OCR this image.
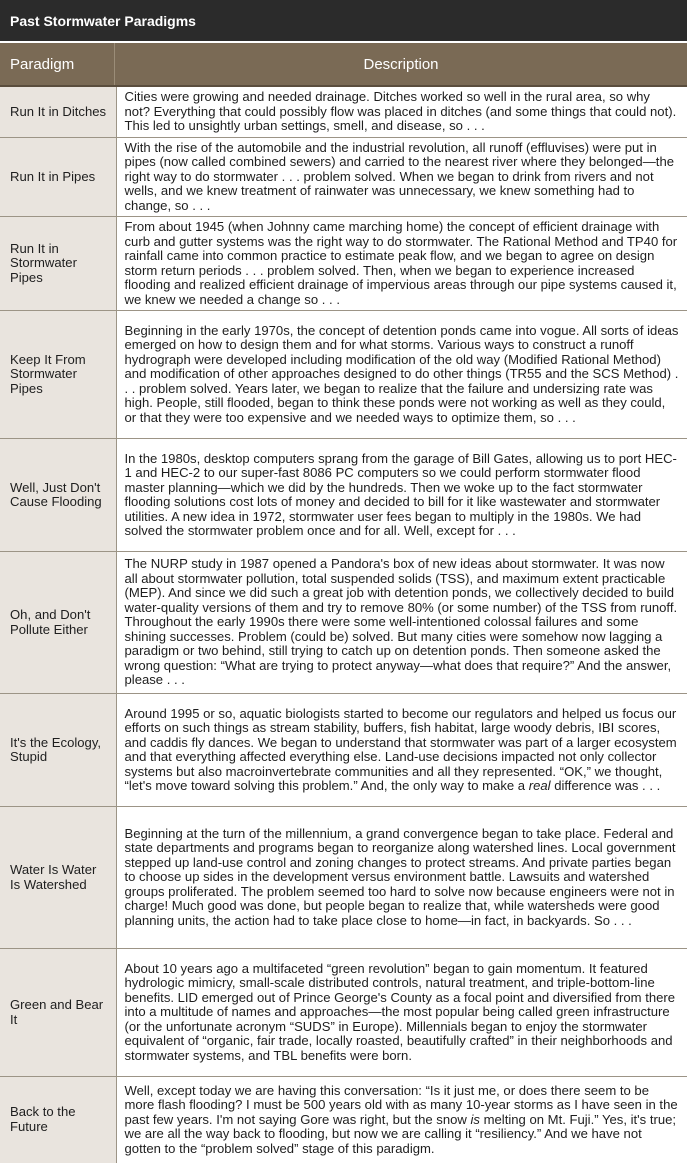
Past Stormwater Paradigms
Paradigm	Description
Run It in Ditches	Cities were growing and needed drainage. Ditches worked so well in the rural area, so why not? Everything that could possibly flow was placed in ditches (and some things that could not). This led to unsightly urban settings, smell, and disease, so . . .
Run It in Pipes	With the rise of the automobile and the industrial revolution, all runoff (effluvises) were put in pipes (now called combined sewers) and carried to the nearest river where they belonged—the right way to do stormwater . . . problem solved. When we began to drink from rivers and not wells, and we knew treatment of rainwater was unnecessary, we knew something had to change, so . . .
Run It in Stormwater Pipes	From about 1945 (when Johnny came marching home) the concept of efficient drainage with curb and gutter systems was the right way to do stormwater. The Rational Method and TP40 for rainfall came into common practice to estimate peak flow, and we began to agree on design storm return periods . . . problem solved. Then, when we began to experience increased flooding and realized efficient drainage of impervious areas through our pipe systems caused it, we knew we needed a change so . . .
Keep It From Stormwater Pipes	Beginning in the early 1970s, the concept of detention ponds came into vogue. All sorts of ideas emerged on how to design them and for what storms. Various ways to construct a runoff hydrograph were developed including modification of the old way (Modified Rational Method) and modification of other approaches designed to do other things (TR55 and the SCS Method) . . . problem solved. Years later, we began to realize that the failure and undersizing rate was high. People, still flooded, began to think these ponds were not working as well as they could, or that they were too expensive and we needed ways to optimize them, so . . .
Well, Just Don't Cause Flooding	In the 1980s, desktop computers sprang from the garage of Bill Gates, allowing us to port HEC-1 and HEC-2 to our super-fast 8086 PC computers so we could perform stormwater flood master planning—which we did by the hundreds. Then we woke up to the fact stormwater flooding solutions cost lots of money and decided to bill for it like wastewater and stormwater utilities. A new idea in 1972, stormwater user fees began to multiply in the 1980s. We had solved the stormwater problem once and for all. Well, except for . . .
Oh, and Don't Pollute Either	The NURP study in 1987 opened a Pandora's box of new ideas about stormwater. It was now all about stormwater pollution, total suspended solids (TSS), and maximum extent practicable (MEP). And since we did such a great job with detention ponds, we collectively decided to build water-quality versions of them and try to remove 80% (or some number) of the TSS from runoff. Throughout the early 1990s there were some well-intentioned colossal failures and some shining successes. Problem (could be) solved. But many cities were somehow now lagging a paradigm or two behind, still trying to catch up on detention ponds. Then someone asked the wrong question: “What are trying to protect anyway—what does that require?” And the answer, please . . .
It's the Ecology, Stupid	Around 1995 or so, aquatic biologists started to become our regulators and helped us focus our efforts on such things as stream stability, buffers, fish habitat, large woody debris, IBI scores, and caddis fly dances. We began to understand that stormwater was part of a larger ecosystem and that everything affected everything else. Land-use decisions impacted not only collector systems but also macroinvertebrate communities and all they represented. “OK,” we thought, “let's move toward solving this problem.” And, the only way to make a real difference was . . .
Water Is Water Is Watershed	Beginning at the turn of the millennium, a grand convergence began to take place. Federal and state departments and programs began to reorganize along watershed lines. Local government stepped up land-use control and zoning changes to protect streams. And private parties began to choose up sides in the development versus environment battle. Lawsuits and watershed groups proliferated. The problem seemed too hard to solve now because engineers were not in charge! Much good was done, but people began to realize that, while watersheds were good planning units, the action had to take place close to home—in fact, in backyards. So . . .
Green and Bear It	About 10 years ago a multifaceted “green revolution” began to gain momentum. It featured hydrologic mimicry, small-scale distributed controls, natural treatment, and triple-bottom-line benefits. LID emerged out of Prince George's County as a focal point and diversified from there into a multitude of names and approaches—the most popular being called green infrastructure (or the unfortunate acronym “SUDS” in Europe). Millennials began to enjoy the stormwater equivalent of “organic, fair trade, locally roasted, beautifully crafted” in their neighborhoods and stormwater systems, and TBL benefits were born.
Back to the Future	Well, except today we are having this conversation: “Is it just me, or does there seem to be more flash flooding? I must be 500 years old with as many 10-year storms as I have seen in the past few years. I'm not saying Gore was right, but the snow is melting on Mt. Fuji.” Yes, it's true; we are all the way back to flooding, but now we are calling it “resiliency.” And we have not gotten to the “problem solved” stage of this paradigm.
